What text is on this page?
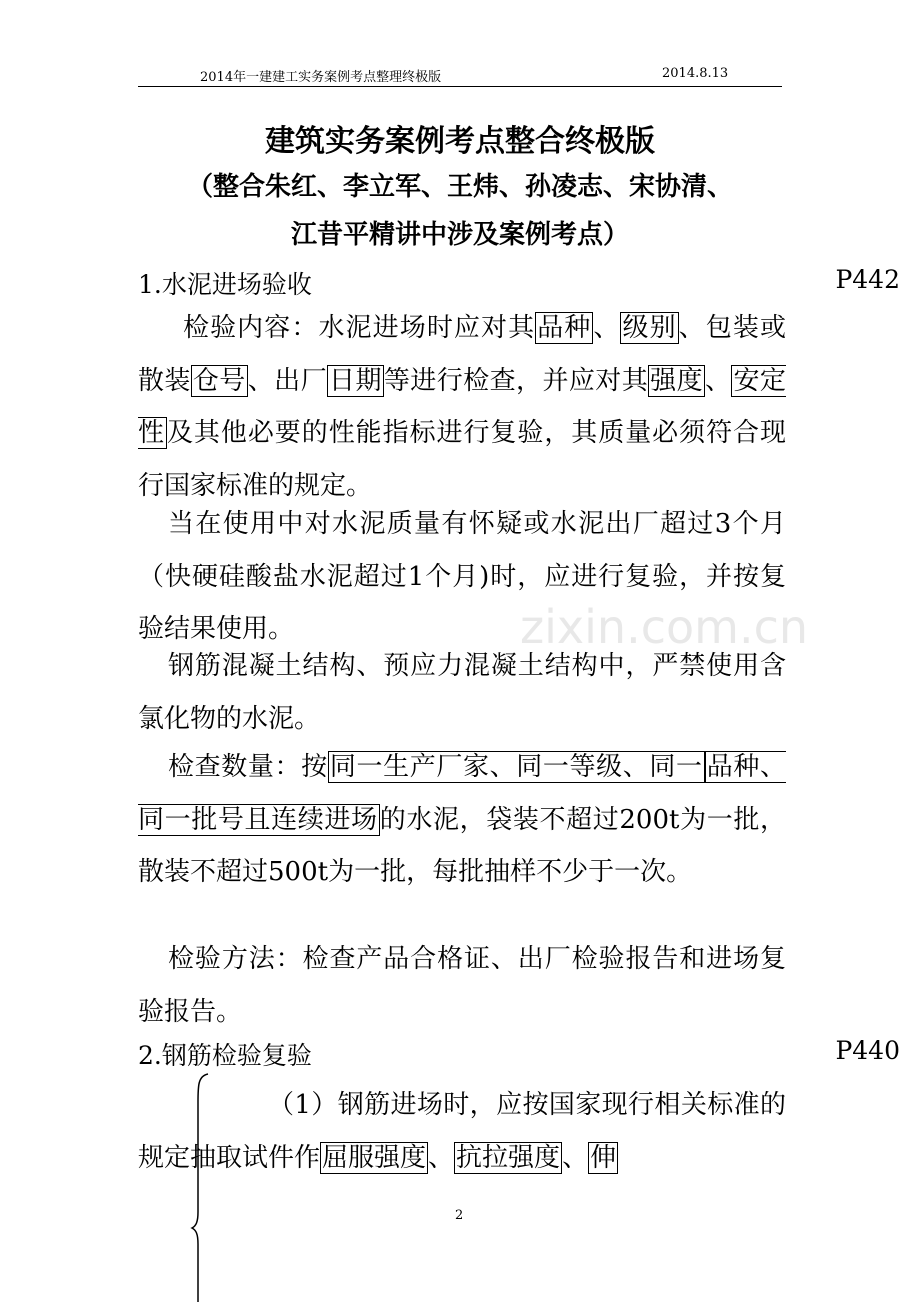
zixin.com.cn
2014年一建建工实务案例考点整理终极版	2014.8.13
建筑实务案例考点整合终极版
（整合朱红、李立军、王炜、孙凌志、宋协清、
江昔平精讲中涉及案例考点）
1.水泥进场验收	P442
检验内容：水泥进场时应对其品种、级别、包装或散装仓号、出厂日期等进行检查，并应对其强度、安定性及其他必要的性能指标进行复验，其质量必须符合现行国家标准的规定。
当在使用中对水泥质量有怀疑或水泥出厂超过3个月（快硬硅酸盐水泥超过1个月)时，应进行复验，并按复验结果使用。
钢筋混凝土结构、预应力混凝土结构中，严禁使用含氯化物的水泥。
检查数量：按同一生产厂家、同一等级、同一 品种、同一批号且连续进场的水泥，袋装不超过200t为一批，散装不超过500t为一批，每批抽样不少于一次。
检验方法：检查产品合格证、出厂检验报告和进场复验报告。
2.钢筋检验复验	P440
（1）钢筋进场时，应按国家现行相关标准的规定抽取试件作屈服强度、抗拉强度、伸
2
